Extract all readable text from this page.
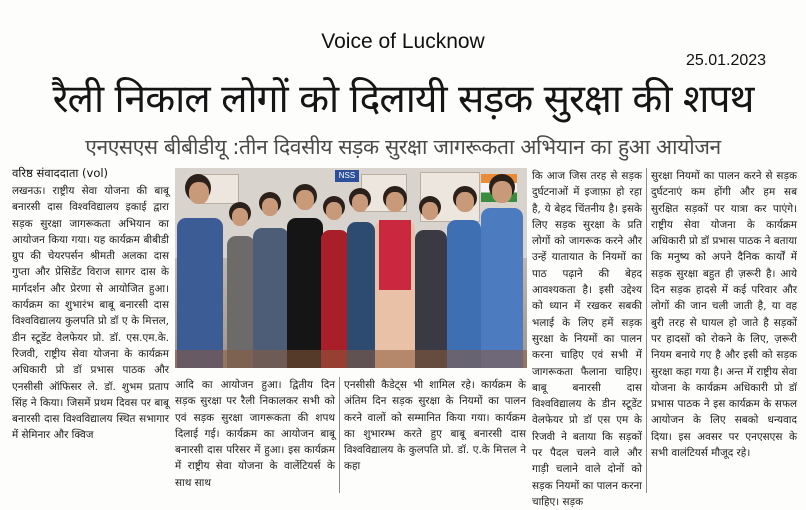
Voice of Lucknow
25.01.2023
रैली निकाल लोगों को दिलायी सड़क सुरक्षा की शपथ
एनएसएस बीबीडीयू :तीन दिवसीय सड़क सुरक्षा जागरूकता अभियान का हुआ आयोजन
वरिष्ठ संवाददाता (vol)
लखनऊ। राष्ट्रीय सेवा योजना की बाबू बनारसी दास विश्वविद्यालय इकाई द्वारा सड़क सुरक्षा जागरूकता अभियान का आयोजन किया गया। यह कार्यक्रम बीबीडी ग्रुप की चेयरपर्सन श्रीमती अलका दास गुप्ता और प्रेसिडेंट विराज सागर दास के मार्गदर्शन और प्रेरणा से आयोजित हुआ। कार्यक्रम का शुभारंभ बाबू बनारसी दास विश्वविद्यालय कुलपति प्रो डॉ ए के मित्तल, डीन स्टूडेंट वेलफेयर प्रो. डॉ. एस.एम.के. रिजवी, राष्ट्रीय सेवा योजना के कार्यक्रम अधिकारी प्रो डॉ प्रभास पाठक और एनसीसी ऑफिसर ले. डॉ. शुभम प्रताप सिंह ने किया। जिसमें प्रथम दिवस पर बाबू बनारसी दास विश्वविद्यालय स्थित सभागार में सेमिनार और क्विज
NSS
आदि का आयोजन हुआ। द्वितीय दिन सड़क सुरक्षा पर रैली निकालकर सभी को एवं सड़क सुरक्षा जागरूकता की शपथ दिलाई गई। कार्यक्रम का आयोजन बाबू बनारसी दास परिसर में हुआ। इस कार्यक्रम में राष्ट्रीय सेवा योजना के वालेंटियर्स के साथ साथ
एनसीसी कैडेट्स भी शामिल रहे। कार्यक्रम के अंतिम दिन सड़क सुरक्षा के नियमों का पालन करने वालों को सम्मानित किया गया। कार्यक्रम का शुभारम्भ करते हुए बाबू बनारसी दास विश्वविद्यालय के कुलपति प्रो. डॉ. ए.के मित्तल ने कहा
कि आज जिस तरह से सड़क दुर्घटनाओं में इजाफ़ा हो रहा है, ये बेहद चिंतनीय है। इसके लिए सड़क सुरक्षा के प्रति लोगों को जागरूक करने और उन्हें यातायात के नियमों का पाठ पढ़ाने की बेहद आवश्यकता है। इसी उद्देश्य को ध्यान में रखकर सबकी भलाई के लिए हमें सड़क सुरक्षा के नियमों का पालन करना चाहिए एवं सभी में जागरूकता फैलाना चाहिए। बाबू बनारसी दास विश्वविद्यालय के डीन स्टूडेंट वेलफेयर प्रो डॉ एस एम के रिजवी ने बताया कि सड़कों पर पैदल चलने वाले और गाड़ी चलाने वाले दोनों को सड़क नियमों का पालन करना चाहिए। सड़क
सुरक्षा नियमों का पालन करने से सड़क दुर्घटनाएं कम होंगी और हम सब सुरक्षित सड़कों पर यात्रा कर पाएंगे। राष्ट्रीय सेवा योजना के कार्यक्रम अधिकारी प्रो डॉ प्रभास पाठक ने बताया कि मनुष्य को अपने दैनिक कार्यों में सड़क सुरक्षा बहुत ही ज़रूरी है। आये दिन सड़क हादसे में कई परिवार और लोगों की जान चली जाती है, या वह बुरी तरह से घायल हो जाते है सड़कों पर हादसों को रोकने के लिए, ज़रूरी नियम बनाये गए है और इसी को सड़क सुरक्षा कहा गया है। अन्त में राष्ट्रीय सेवा योजना के कार्यक्रम अधिकारी प्रो डॉ प्रभास पाठक ने इस कार्यक्रम के सफल आयोजन के लिए सबको धन्यवाद दिया। इस अवसर पर एनएसएस के सभी वालंटियर्स मौजूद रहे।
